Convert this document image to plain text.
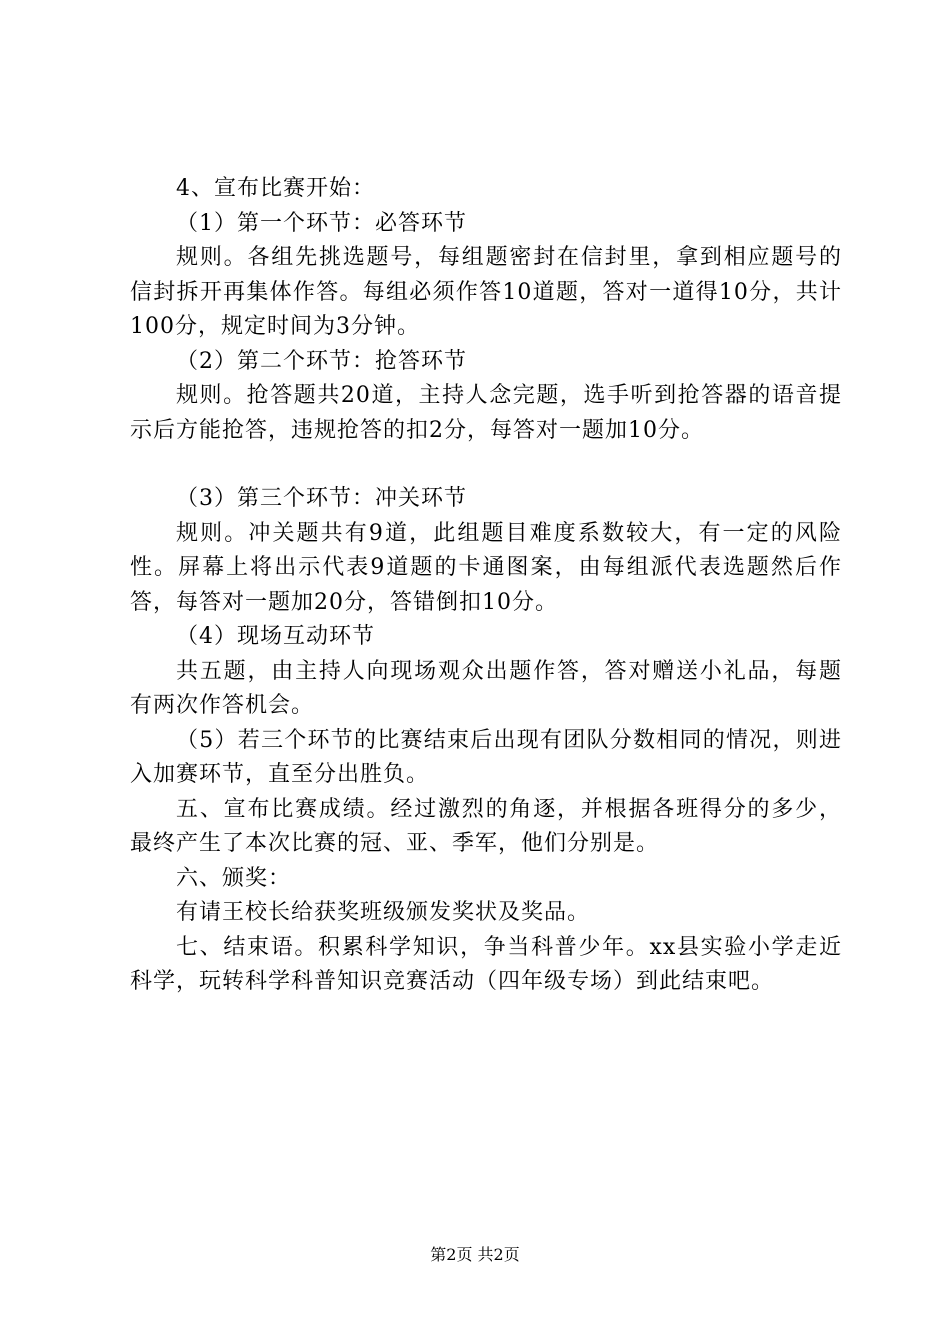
4、宣布比赛开始：

（1）第一个环节：必答环节

规则。各组先挑选题号，每组题密封在信封里，拿到相应题号的信封拆开再集体作答。每组必须作答10道题，答对一道得10分，共计100分，规定时间为3分钟。

（2）第二个环节：抢答环节

规则。抢答题共20道，主持人念完题，选手听到抢答器的语音提示后方能抢答，违规抢答的扣2分，每答对一题加10分。

（3）第三个环节：冲关环节

规则。冲关题共有9道，此组题目难度系数较大，有一定的风险性。屏幕上将出示代表9道题的卡通图案，由每组派代表选题然后作答，每答对一题加20分，答错倒扣10分。

（4）现场互动环节

共五题，由主持人向现场观众出题作答，答对赠送小礼品，每题有两次作答机会。

（5）若三个环节的比赛结束后出现有团队分数相同的情况，则进入加赛环节，直至分出胜负。

五、宣布比赛成绩。经过激烈的角逐，并根据各班得分的多少，最终产生了本次比赛的冠、亚、季军，他们分别是。

六、颁奖：

有请王校长给获奖班级颁发奖状及奖品。

七、结束语。积累科学知识，争当科普少年。xx县实验小学走近科学，玩转科学科普知识竞赛活动（四年级专场）到此结束吧。

第2页 共2页
